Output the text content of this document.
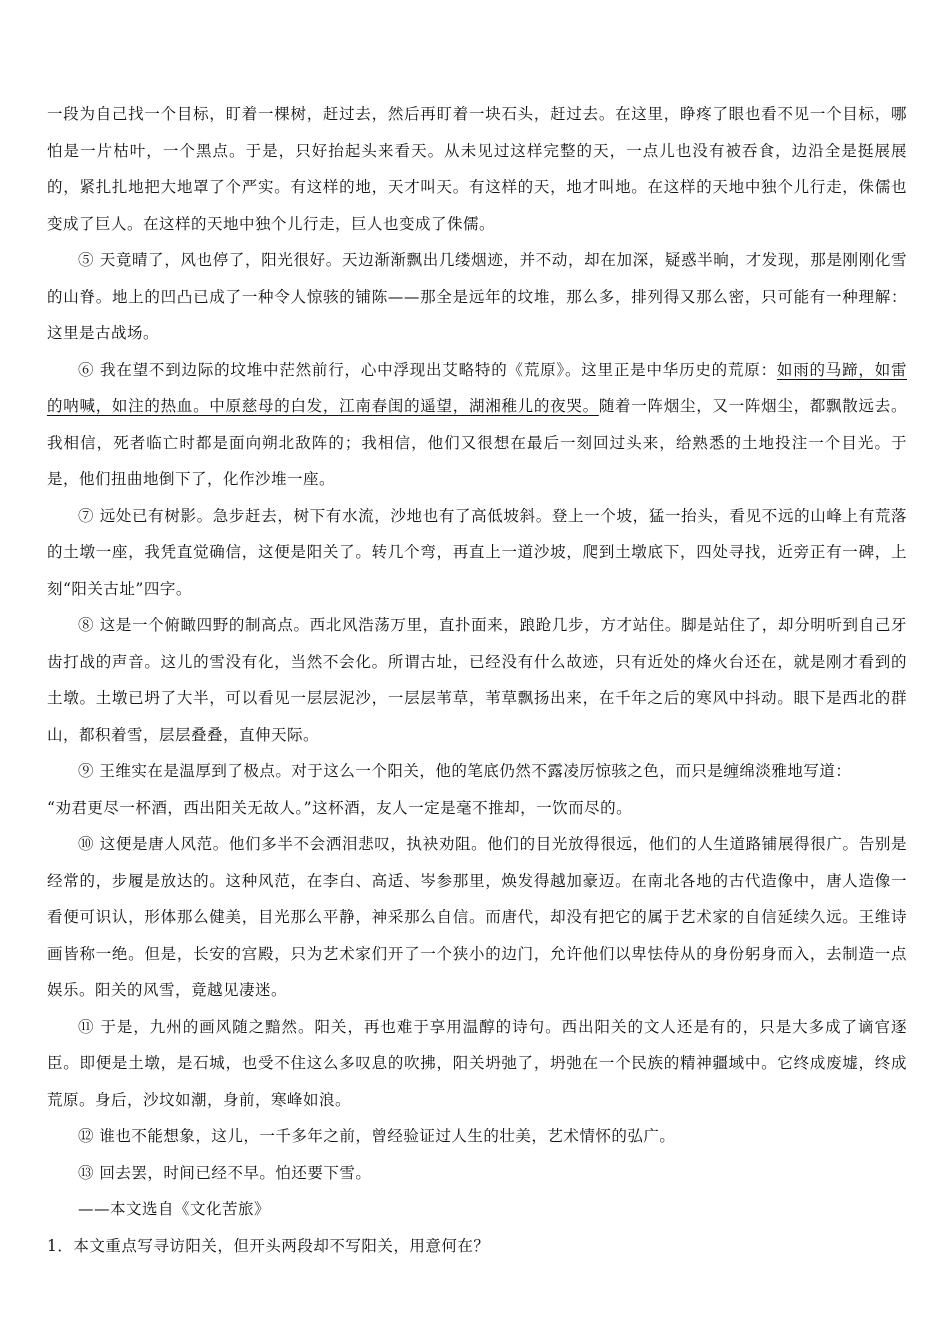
一段为自己找一个目标，盯着一棵树，赶过去，然后再盯着一块石头，赶过去。在这里，睁疼了眼也看不见一个目标，哪怕是一片枯叶，一个黑点。于是，只好抬起头来看天。从未见过这样完整的天，一点儿也没有被吞食，边沿全是挺展展的，紧扎扎地把大地罩了个严实。有这样的地，天才叫天。有这样的天，地才叫地。在这样的天地中独个儿行走，侏儒也变成了巨人。在这样的天地中独个儿行走，巨人也变成了侏儒。

⑤ 天竟晴了，风也停了，阳光很好。天边渐渐飘出几缕烟迹，并不动，却在加深，疑惑半晌，才发现，那是刚刚化雪的山脊。地上的凹凸已成了一种令人惊骇的铺陈——那全是远年的坟堆，那么多，排列得又那么密，只可能有一种理解：这里是古战场。

⑥ 我在望不到边际的坟堆中茫然前行，心中浮现出艾略特的《荒原》。这里正是中华历史的荒原：如雨的马蹄，如雷的呐喊，如注的热血。中原慈母的白发，江南春闺的遥望，湖湘稚儿的夜哭。随着一阵烟尘，又一阵烟尘，都飘散远去。我相信，死者临亡时都是面向朔北敌阵的；我相信，他们又很想在最后一刻回过头来，给熟悉的土地投注一个目光。于是，他们扭曲地倒下了，化作沙堆一座。

⑦ 远处已有树影。急步赶去，树下有水流，沙地也有了高低坡斜。登上一个坡，猛一抬头，看见不远的山峰上有荒落的土墩一座，我凭直觉确信，这便是阳关了。转几个弯，再直上一道沙坡，爬到土墩底下，四处寻找，近旁正有一碑，上刻“阳关古址”四字。

⑧ 这是一个俯瞰四野的制高点。西北风浩荡万里，直扑面来，踉跄几步，方才站住。脚是站住了，却分明听到自己牙齿打战的声音。这儿的雪没有化，当然不会化。所谓古址，已经没有什么故迹，只有近处的烽火台还在，就是刚才看到的土墩。土墩已坍了大半，可以看见一层层泥沙，一层层苇草，苇草飘扬出来，在千年之后的寒风中抖动。眼下是西北的群山，都积着雪，层层叠叠，直伸天际。

⑨ 王维实在是温厚到了极点。对于这么一个阳关，他的笔底仍然不露凌厉惊骇之色，而只是缠绵淡雅地写道：

“劝君更尽一杯酒，西出阳关无故人。”这杯酒，友人一定是毫不推却，一饮而尽的。

⑩ 这便是唐人风范。他们多半不会洒泪悲叹，执袂劝阻。他们的目光放得很远，他们的人生道路铺展得很广。告别是经常的，步履是放达的。这种风范，在李白、高适、岑参那里，焕发得越加豪迈。在南北各地的古代造像中，唐人造像一看便可识认，形体那么健美，目光那么平静，神采那么自信。而唐代，却没有把它的属于艺术家的自信延续久远。王维诗画皆称一绝。但是，长安的宫殿，只为艺术家们开了一个狭小的边门，允许他们以卑怯侍从的身份躬身而入，去制造一点娱乐。阳关的风雪，竟越见凄迷。

⑪ 于是，九州的画风随之黯然。阳关，再也难于享用温醇的诗句。西出阳关的文人还是有的，只是大多成了谪官逐臣。即便是土墩，是石城，也受不住这么多叹息的吹拂，阳关坍弛了，坍弛在一个民族的精神疆域中。它终成废墟，终成荒原。身后，沙坟如潮，身前，寒峰如浪。

⑫ 谁也不能想象，这儿，一千多年之前，曾经验证过人生的壮美，艺术情怀的弘广。

⑬ 回去罢，时间已经不早。怕还要下雪。

——本文选自《文化苦旅》

1．本文重点写寻访阳关，但开头两段却不写阳关，用意何在？
